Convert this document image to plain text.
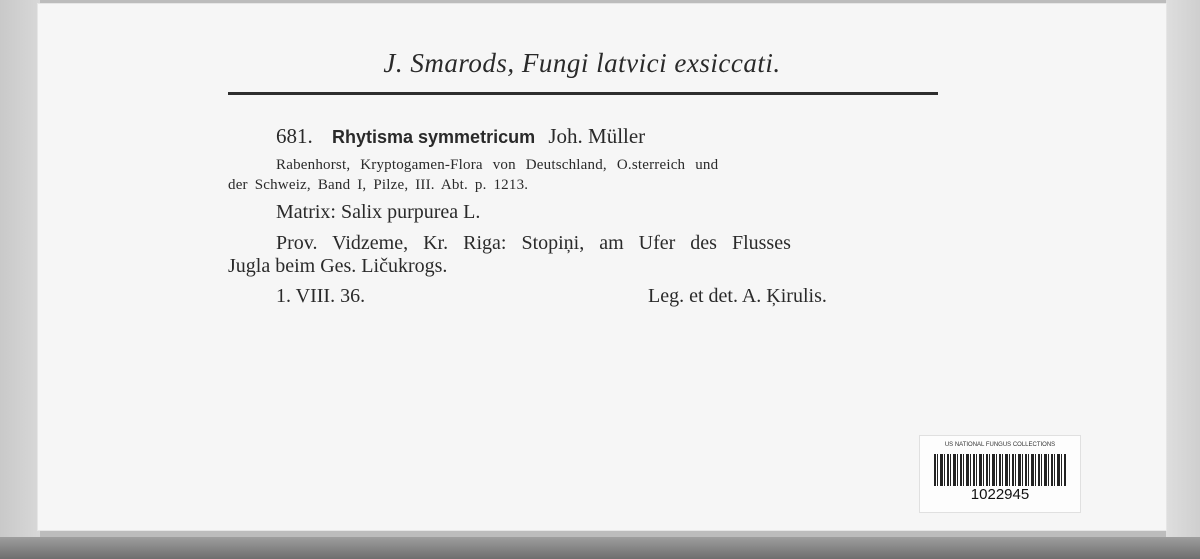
J. Smarods, Fungi latvici exsiccati.
681. Rhytisma symmetricum Joh. Müller
Rabenhorst, Kryptogamen-Flora von Deutschland, O.sterreich und
der Schweiz, Band I, Pilze, III. Abt. p. 1213.
Matrix: Salix purpurea L.
Prov. Vidzeme, Kr. Riga: Stopiņi, am Ufer des Flusses
Jugla beim Ges. Ličukrogs.
1. VIII. 36.	Leg. et det. A. Ķirulis.
US NATIONAL FUNGUS COLLECTIONS
1022945
